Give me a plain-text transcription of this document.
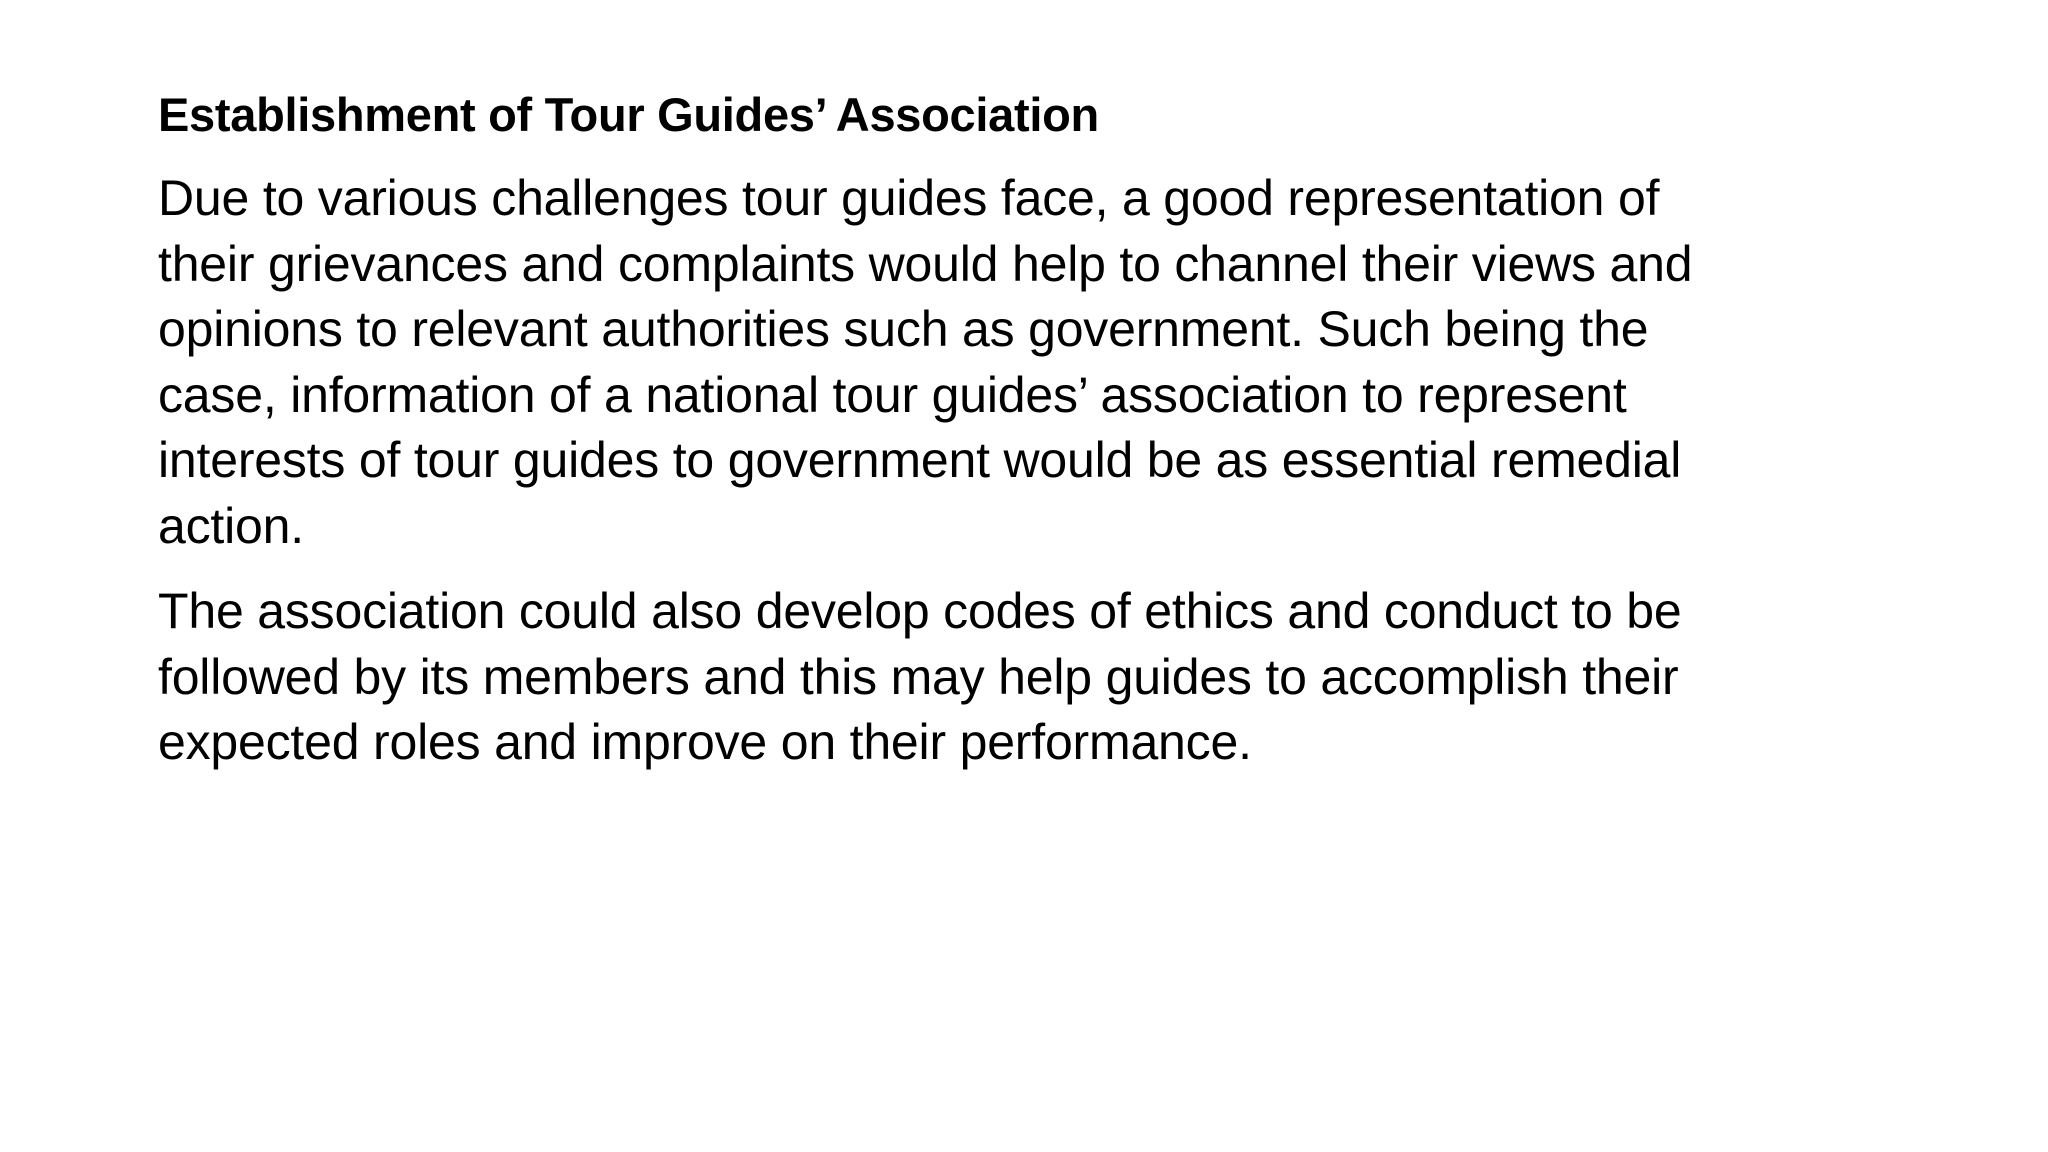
Establishment of Tour Guides’ Association

Due to various challenges tour guides face, a good representation of
their grievances and complaints would help to channel their views and
opinions to relevant authorities such as government. Such being the
case, information of a national tour guides’ association to represent
interests of tour guides to government would be as essential remedial
action.

The association could also develop codes of ethics and conduct to be
followed by its members and this may help guides to accomplish their
expected roles and improve on their performance.
